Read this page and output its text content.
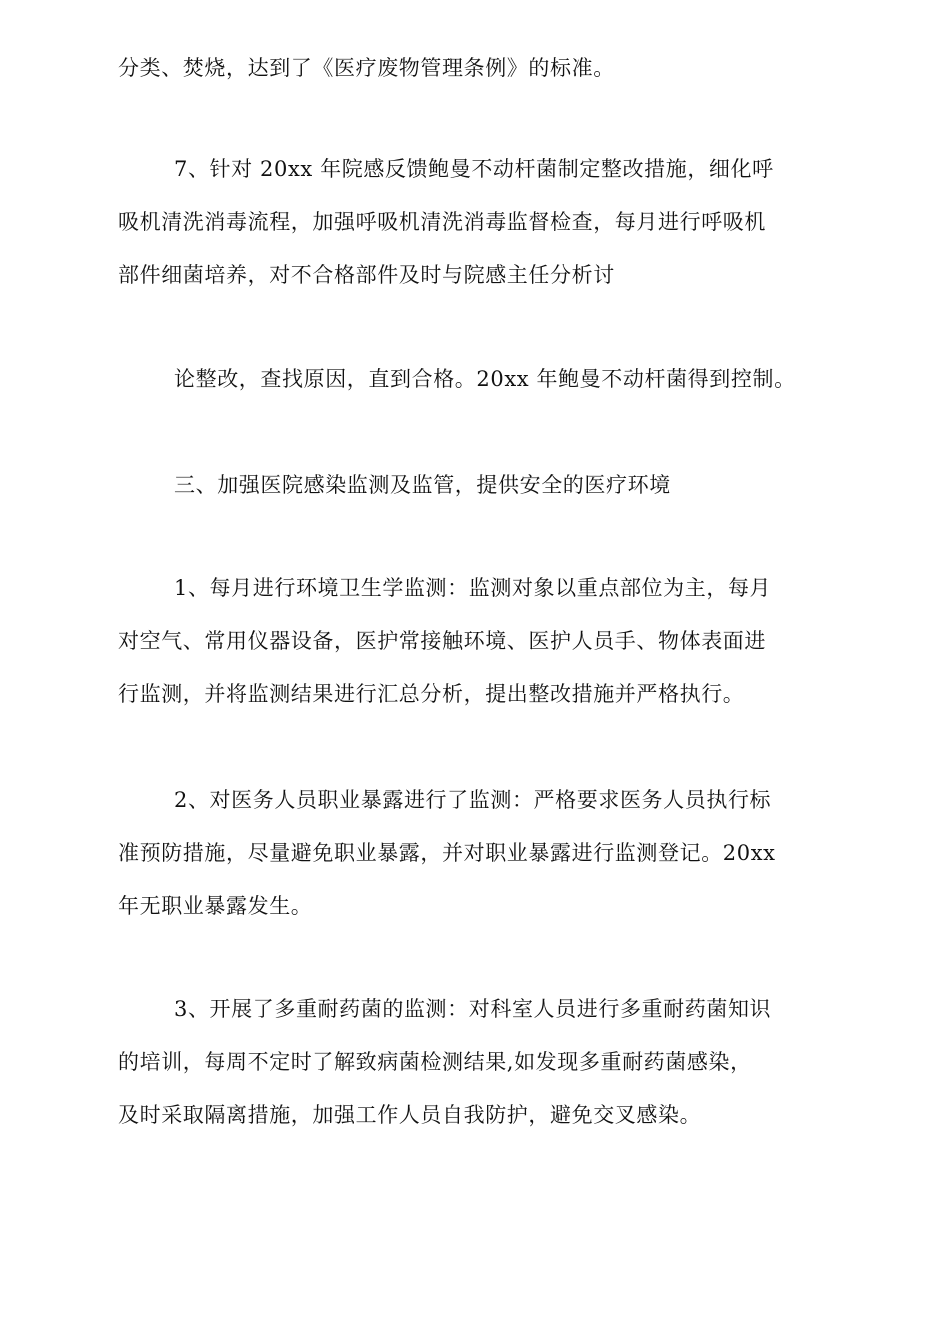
分类、焚烧，达到了《医疗废物管理条例》的标准。

7、针对 20xx 年院感反馈鲍曼不动杆菌制定整改措施，细化呼
吸机清洗消毒流程，加强呼吸机清洗消毒监督检查，每月进行呼吸机
部件细菌培养，对不合格部件及时与院感主任分析讨

论整改，查找原因，直到合格。20xx 年鲍曼不动杆菌得到控制。

三、加强医院感染监测及监管，提供安全的医疗环境

1、每月进行环境卫生学监测：监测对象以重点部位为主，每月
对空气、常用仪器设备，医护常接触环境、医护人员手、物体表面进
行监测，并将监测结果进行汇总分析，提出整改措施并严格执行。

2、对医务人员职业暴露进行了监测：严格要求医务人员执行标
准预防措施，尽量避免职业暴露，并对职业暴露进行监测登记。20xx
年无职业暴露发生。

3、开展了多重耐药菌的监测：对科室人员进行多重耐药菌知识
的培训，每周不定时了解致病菌检测结果,如发现多重耐药菌感染，
及时采取隔离措施，加强工作人员自我防护，避免交叉感染。
